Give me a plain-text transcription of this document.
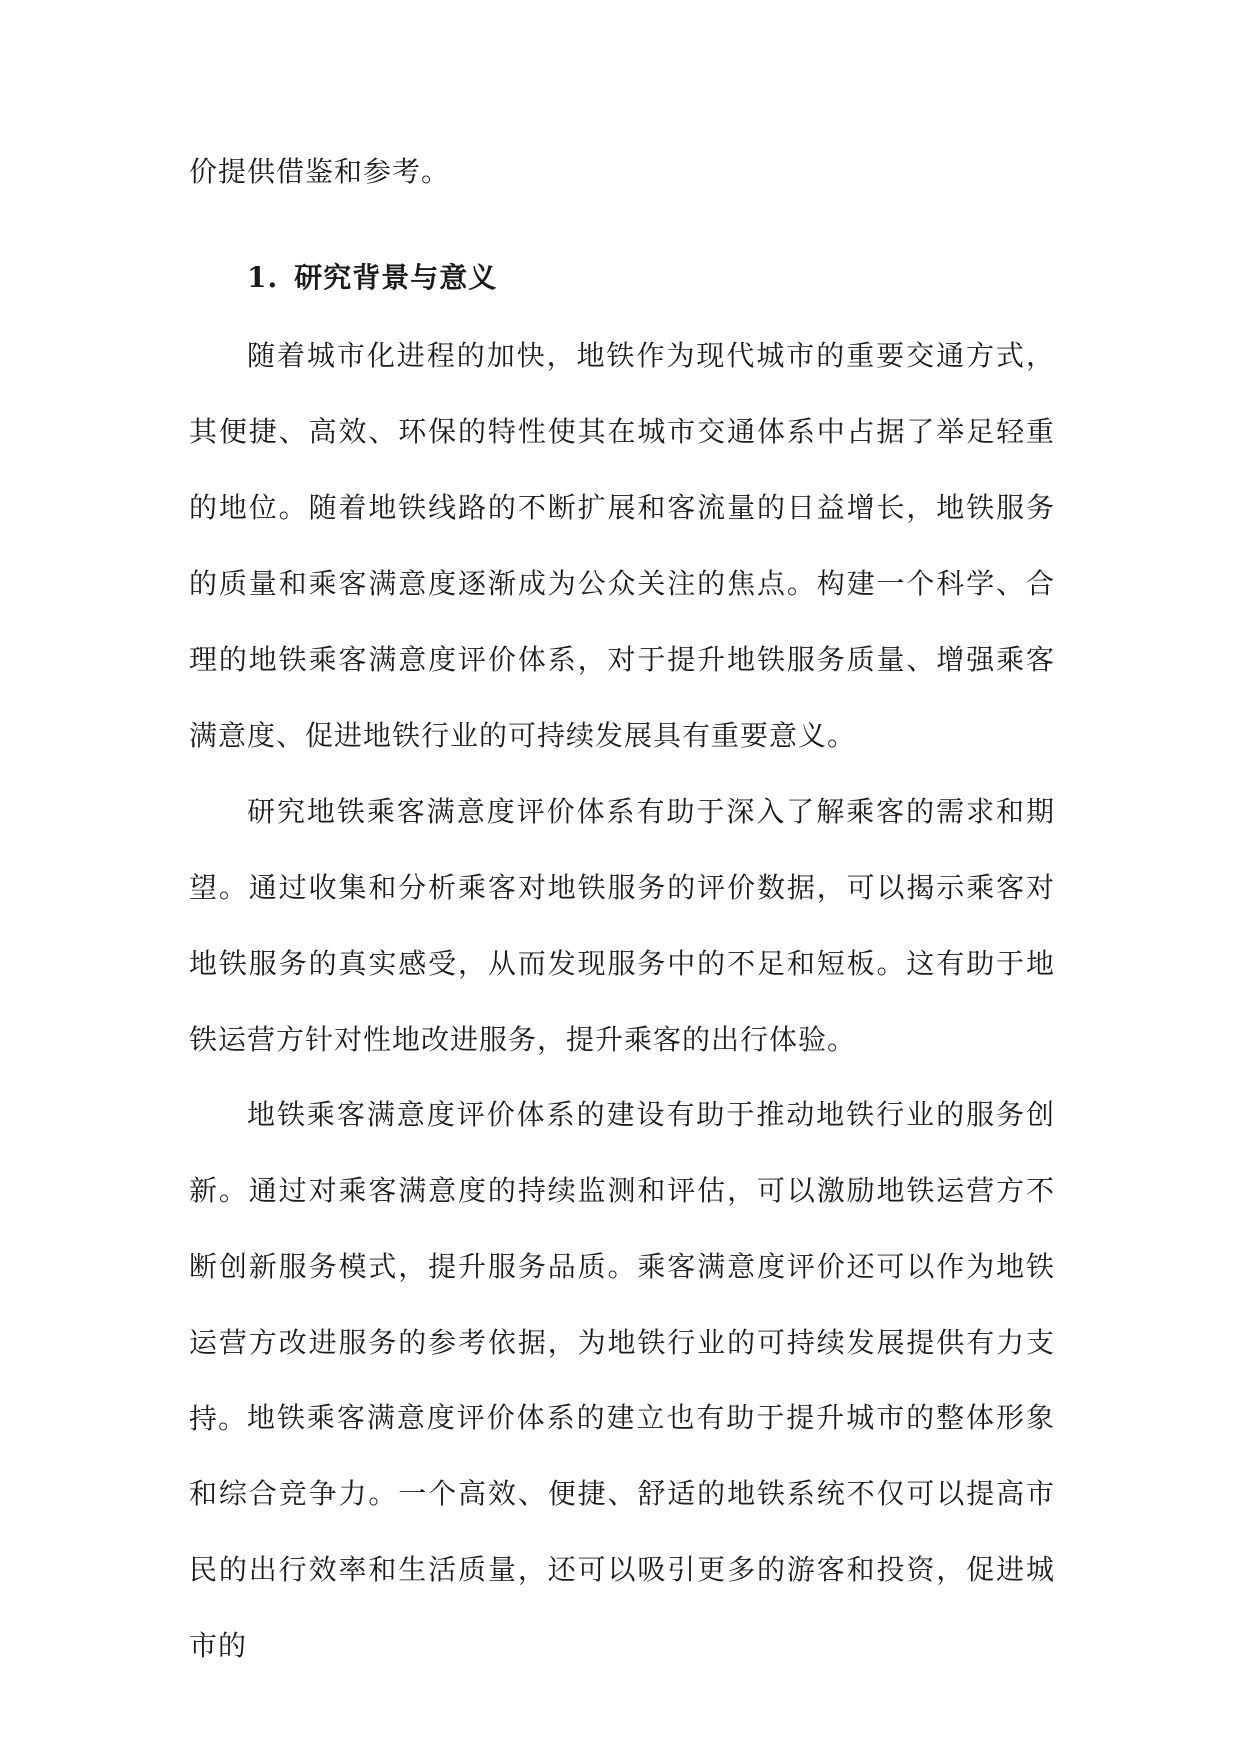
价提供借鉴和参考。

1. 研究背景与意义

随着城市化进程的加快，地铁作为现代城市的重要交通方式，其便捷、高效、环保的特性使其在城市交通体系中占据了举足轻重的地位。随着地铁线路的不断扩展和客流量的日益增长，地铁服务的质量和乘客满意度逐渐成为公众关注的焦点。构建一个科学、合理的地铁乘客满意度评价体系，对于提升地铁服务质量、增强乘客满意度、促进地铁行业的可持续发展具有重要意义。

研究地铁乘客满意度评价体系有助于深入了解乘客的需求和期望。通过收集和分析乘客对地铁服务的评价数据，可以揭示乘客对地铁服务的真实感受，从而发现服务中的不足和短板。这有助于地铁运营方针对性地改进服务，提升乘客的出行体验。

地铁乘客满意度评价体系的建设有助于推动地铁行业的服务创新。通过对乘客满意度的持续监测和评估，可以激励地铁运营方不断创新服务模式，提升服务品质。乘客满意度评价还可以作为地铁运营方改进服务的参考依据，为地铁行业的可持续发展提供有力支持。 地铁乘客满意度评价体系的建立也有助于提升城市的整体形象和综合竞争力。一个高效、便捷、舒适的地铁系统不仅可以提高市民的出行效率和生活质量，还可以吸引更多的游客和投资，促进城市的
